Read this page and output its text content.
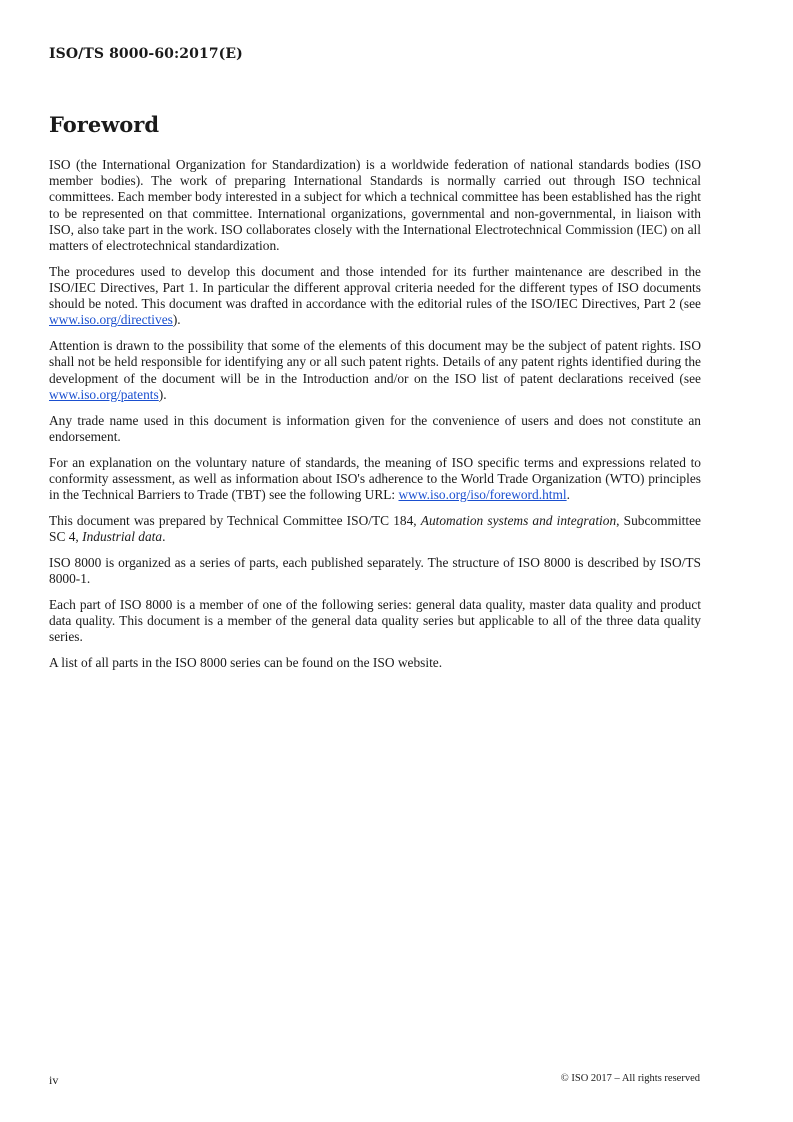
ISO/TS 8000-60:2017(E)
Foreword

ISO (the International Organization for Standardization) is a worldwide federation of national standards bodies (ISO member bodies). The work of preparing International Standards is normally carried out through ISO technical committees. Each member body interested in a subject for which a technical committee has been established has the right to be represented on that committee. International organizations, governmental and non-governmental, in liaison with ISO, also take part in the work. ISO collaborates closely with the International Electrotechnical Commission (IEC) on all matters of electrotechnical standardization.

The procedures used to develop this document and those intended for its further maintenance are described in the ISO/IEC Directives, Part 1. In particular the different approval criteria needed for the different types of ISO documents should be noted. This document was drafted in accordance with the editorial rules of the ISO/IEC Directives, Part 2 (see www.iso.org/directives).

Attention is drawn to the possibility that some of the elements of this document may be the subject of patent rights. ISO shall not be held responsible for identifying any or all such patent rights. Details of any patent rights identified during the development of the document will be in the Introduction and/or on the ISO list of patent declarations received (see www.iso.org/patents).

Any trade name used in this document is information given for the convenience of users and does not constitute an endorsement.

For an explanation on the voluntary nature of standards, the meaning of ISO specific terms and expressions related to conformity assessment, as well as information about ISO's adherence to the World Trade Organization (WTO) principles in the Technical Barriers to Trade (TBT) see the following URL: www.iso.org/iso/foreword.html.

This document was prepared by Technical Committee ISO/TC 184, Automation systems and integration, Subcommittee SC 4, Industrial data.

ISO 8000 is organized as a series of parts, each published separately. The structure of ISO 8000 is described by ISO/TS 8000-1.

Each part of ISO 8000 is a member of one of the following series: general data quality, master data quality and product data quality. This document is a member of the general data quality series but applicable to all of the three data quality series.

A list of all parts in the ISO 8000 series can be found on the ISO website.

iv	© ISO 2017 – All rights reserved
